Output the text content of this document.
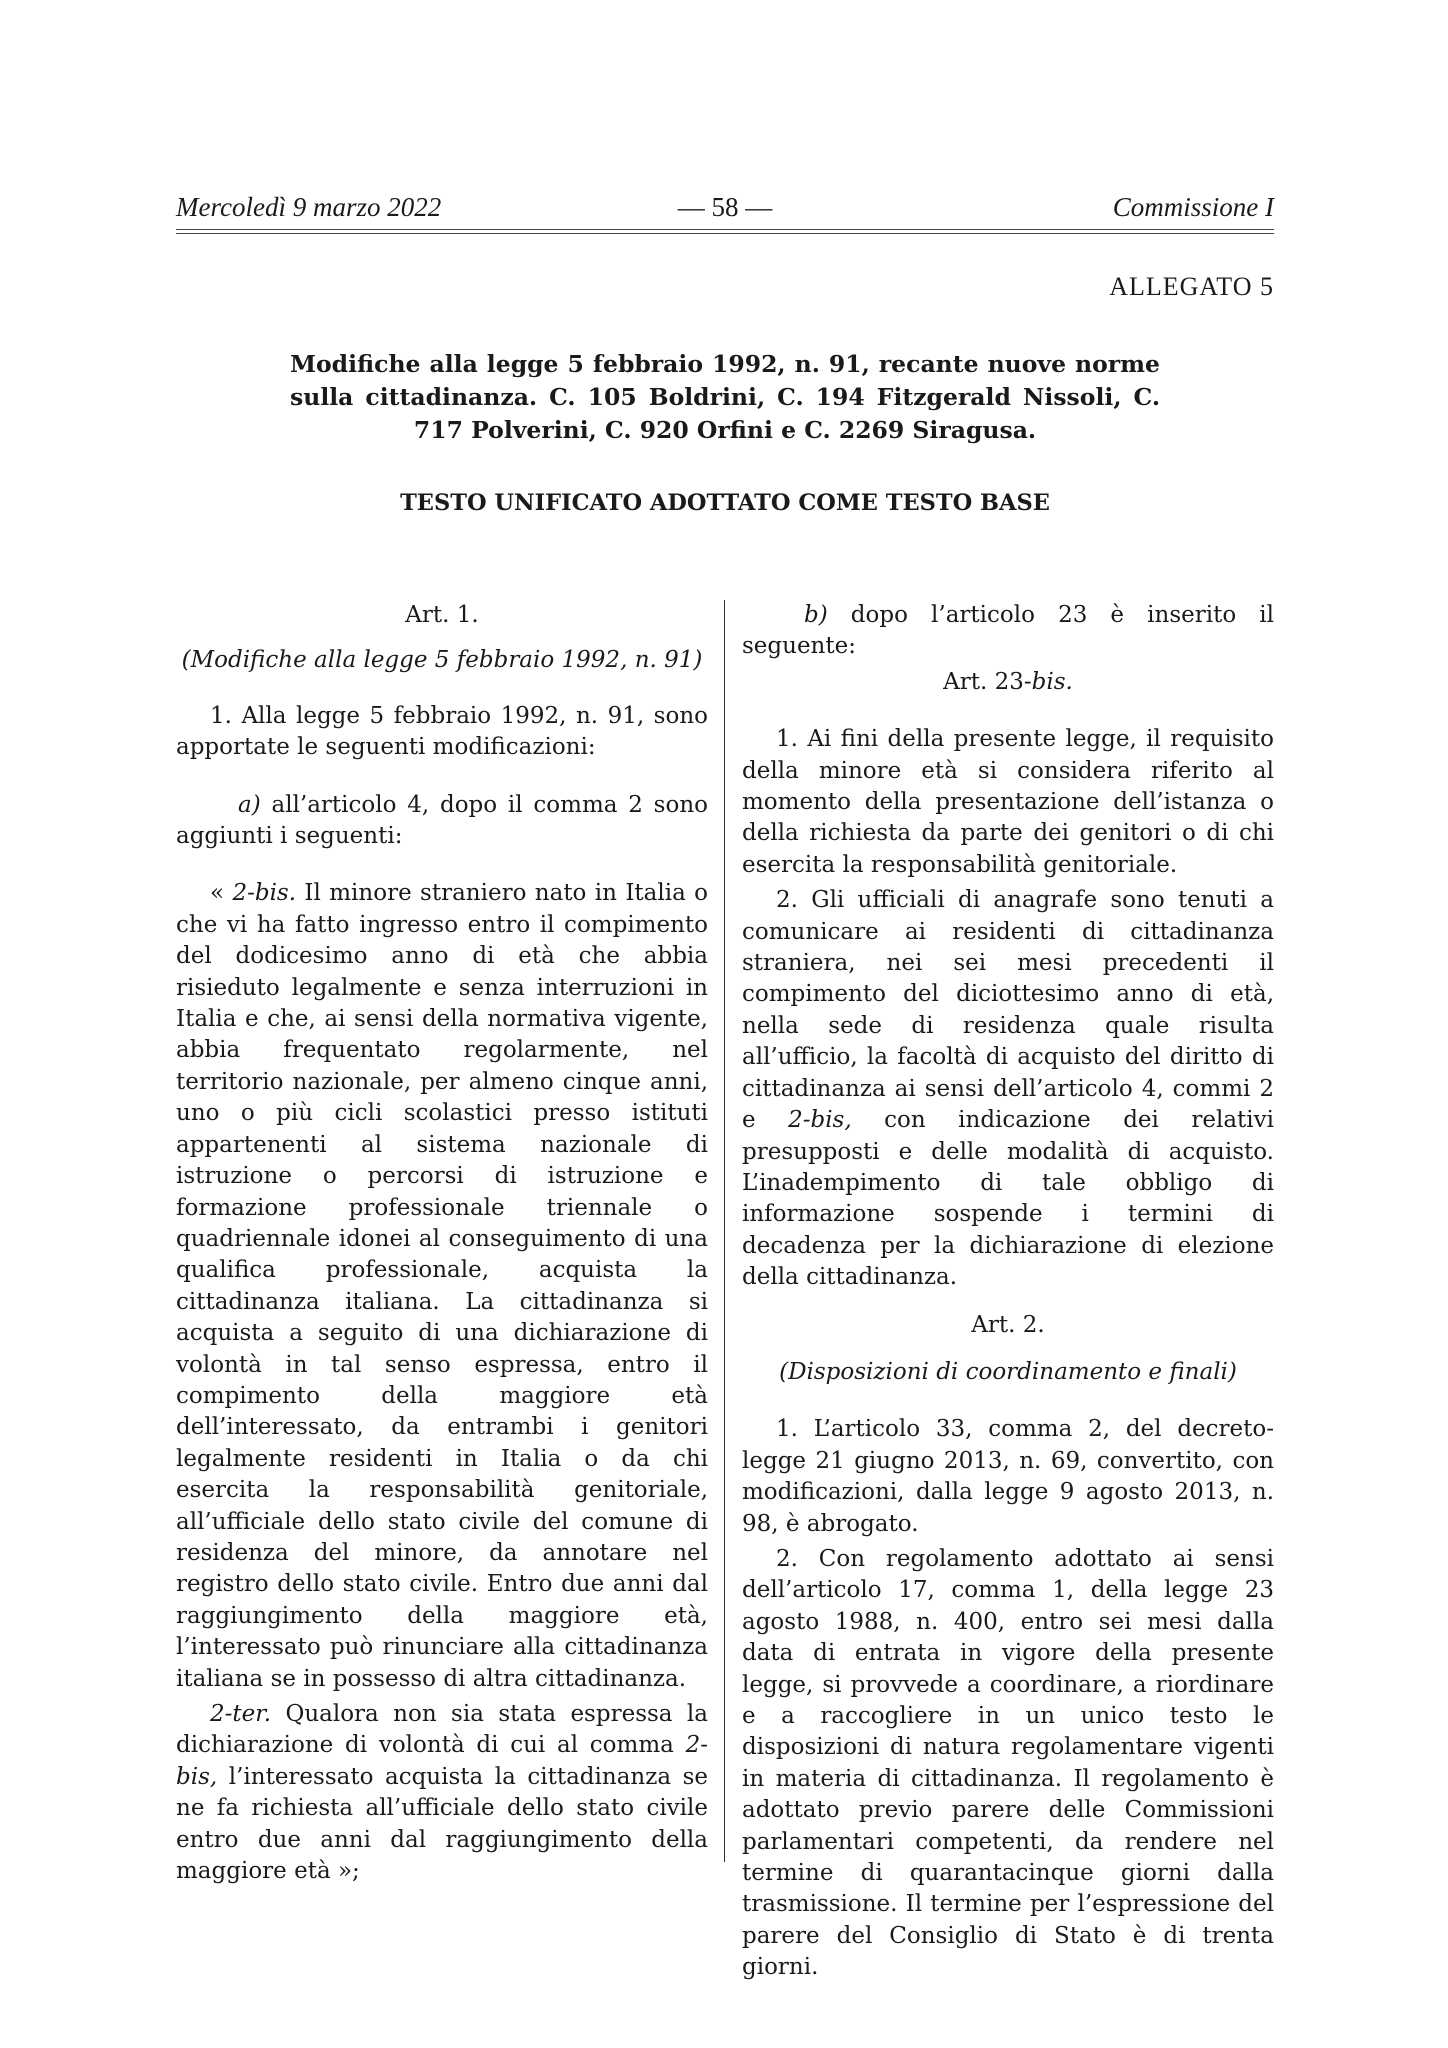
Mercoledì 9 marzo 2022	— 58 —	Commissione I
ALLEGATO 5

Modifiche alla legge 5 febbraio 1992, n. 91, recante nuove norme sulla cittadinanza. C. 105 Boldrini, C. 194 Fitzgerald Nissoli, C. 717 Polverini, C. 920 Orfini e C. 2269 Siragusa.

TESTO UNIFICATO ADOTTATO COME TESTO BASE

Art. 1.

(Modifiche alla legge 5 febbraio 1992, n. 91)

1. Alla legge 5 febbraio 1992, n. 91, sono apportate le seguenti modificazioni:

a) all’articolo 4, dopo il comma 2 sono aggiunti i seguenti:

« 2-bis. Il minore straniero nato in Italia o che vi ha fatto ingresso entro il compimento del dodicesimo anno di età che abbia risieduto legalmente e senza interruzioni in Italia e che, ai sensi della normativa vigente, abbia frequentato regolarmente, nel territorio nazionale, per almeno cinque anni, uno o più cicli scolastici presso istituti appartenenti al sistema nazionale di istruzione o percorsi di istruzione e formazione professionale triennale o quadriennale idonei al conseguimento di una qualifica professionale, acquista la cittadinanza italiana. La cittadinanza si acquista a seguito di una dichiarazione di volontà in tal senso espressa, entro il compimento della maggiore età dell’interessato, da entrambi i genitori legalmente residenti in Italia o da chi esercita la responsabilità genitoriale, all’ufficiale dello stato civile del comune di residenza del minore, da annotare nel registro dello stato civile. Entro due anni dal raggiungimento della maggiore età, l’interessato può rinunciare alla cittadinanza italiana se in possesso di altra cittadinanza.

2-ter. Qualora non sia stata espressa la dichiarazione di volontà di cui al comma 2-bis, l’interessato acquista la cittadinanza se ne fa richiesta all’ufficiale dello stato civile entro due anni dal raggiungimento della maggiore età »;

b) dopo l’articolo 23 è inserito il seguente:

Art. 23-bis.

1. Ai fini della presente legge, il requisito della minore età si considera riferito al momento della presentazione dell’istanza o della richiesta da parte dei genitori o di chi esercita la responsabilità genitoriale.

2. Gli ufficiali di anagrafe sono tenuti a comunicare ai residenti di cittadinanza straniera, nei sei mesi precedenti il compimento del diciottesimo anno di età, nella sede di residenza quale risulta all’ufficio, la facoltà di acquisto del diritto di cittadinanza ai sensi dell’articolo 4, commi 2 e 2-bis, con indicazione dei relativi presupposti e delle modalità di acquisto. L’inadempimento di tale obbligo di informazione sospende i termini di decadenza per la dichiarazione di elezione della cittadinanza.

Art. 2.

(Disposizioni di coordinamento e finali)

1. L’articolo 33, comma 2, del decreto-legge 21 giugno 2013, n. 69, convertito, con modificazioni, dalla legge 9 agosto 2013, n. 98, è abrogato.

2. Con regolamento adottato ai sensi dell’articolo 17, comma 1, della legge 23 agosto 1988, n. 400, entro sei mesi dalla data di entrata in vigore della presente legge, si provvede a coordinare, a riordinare e a raccogliere in un unico testo le disposizioni di natura regolamentare vigenti in materia di cittadinanza. Il regolamento è adottato previo parere delle Commissioni parlamentari competenti, da rendere nel termine di quarantacinque giorni dalla trasmissione. Il termine per l’espressione del parere del Consiglio di Stato è di trenta giorni.
